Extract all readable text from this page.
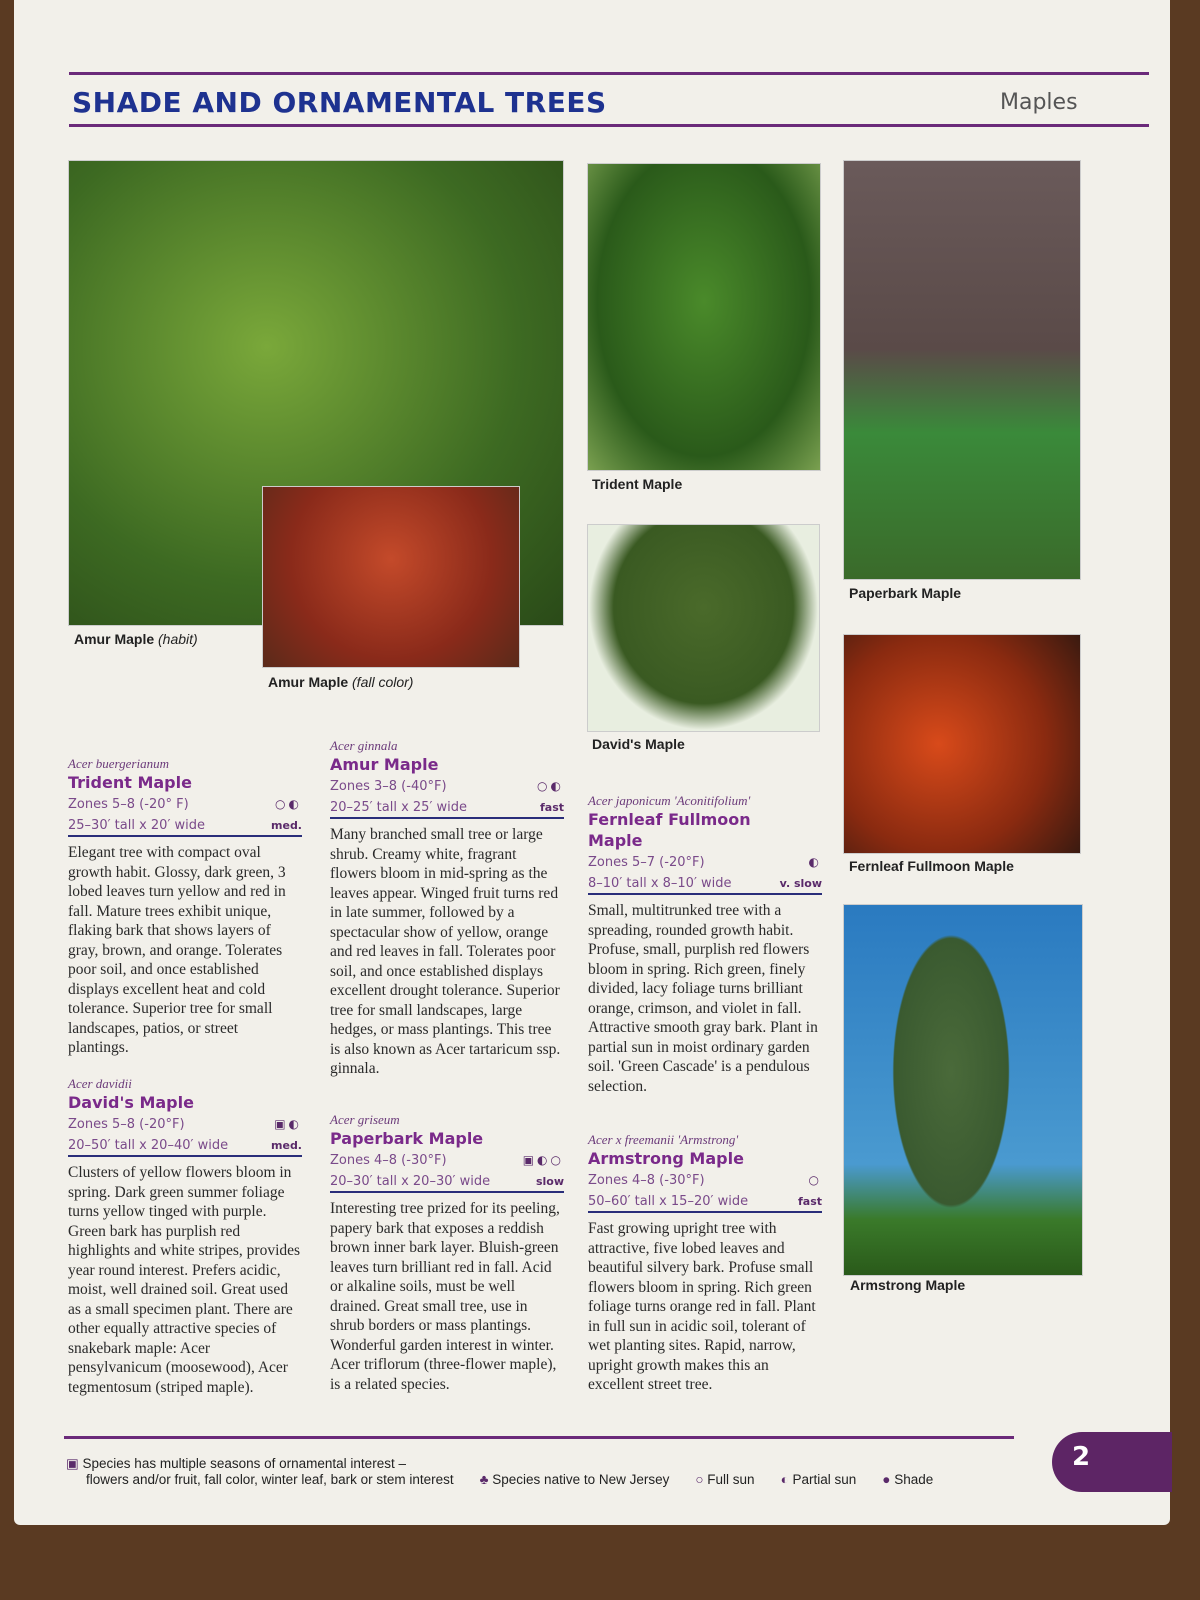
SHADE AND ORNAMENTAL TREES	Maples
Amur Maple (habit)
Amur Maple (fall color)
Trident Maple
David's Maple
Paperbark Maple
Fernleaf Fullmoon Maple
Armstrong Maple
Acer buergerianum
Trident Maple
Zones 5–8 (-20° F)	○◐
25–30′ tall x 20′ wide	med.
Elegant tree with compact oval growth habit. Glossy, dark green, 3 lobed leaves turn yellow and red in fall. Mature trees exhibit unique, flaking bark that shows layers of gray, brown, and orange. Tolerates poor soil, and once established displays excellent heat and cold tolerance. Superior tree for small landscapes, patios, or street plantings.
Acer davidii
David's Maple
Zones 5–8 (-20°F)	▣◐
20–50′ tall x 20–40′ wide	med.
Clusters of yellow flowers bloom in spring. Dark green summer foliage turns yellow tinged with purple. Green bark has purplish red highlights and white stripes, provides year round interest. Prefers acidic, moist, well drained soil. Great used as a small specimen plant. There are other equally attractive species of snakebark maple: Acer pensylvanicum (moosewood), Acer tegmentosum (striped maple).
Acer ginnala
Amur Maple
Zones 3–8 (-40°F)	○◐
20–25′ tall x 25′ wide	fast
Many branched small tree or large shrub. Creamy white, fragrant flowers bloom in mid-spring as the leaves appear. Winged fruit turns red in late summer, followed by a spectacular show of yellow, orange and red leaves in fall. Tolerates poor soil, and once established displays excellent drought tolerance. Superior tree for small landscapes, large hedges, or mass plantings. This tree is also known as Acer tartaricum ssp. ginnala.
Acer griseum
Paperbark Maple
Zones 4–8 (-30°F)	▣◐○
20–30′ tall x 20–30′ wide	slow
Interesting tree prized for its peeling, papery bark that exposes a reddish brown inner bark layer. Bluish-green leaves turn brilliant red in fall. Acid or alkaline soils, must be well drained. Great small tree, use in shrub borders or mass plantings. Wonderful garden interest in winter. Acer triflorum (three-flower maple), is a related species.
Acer japonicum 'Aconitifolium'
Fernleaf Fullmoon Maple
Zones 5–7 (-20°F)	◐
8–10′ tall x 8–10′ wide	v. slow
Small, multitrunked tree with a spreading, rounded growth habit. Profuse, small, purplish red flowers bloom in spring. Rich green, finely divided, lacy foliage turns brilliant orange, crimson, and violet in fall. Attractive smooth gray bark. Plant in partial sun in moist ordinary garden soil. 'Green Cascade' is a pendulous selection.
Acer x freemanii 'Armstrong'
Armstrong Maple
Zones 4–8 (-30°F)	○
50–60′ tall x 15–20′ wide	fast
Fast growing upright tree with attractive, five lobed leaves and beautiful silvery bark. Profuse small flowers bloom in spring. Rich green foliage turns orange red in fall. Plant in full sun in acidic soil, tolerant of wet planting sites. Rapid, narrow, upright growth makes this an excellent street tree.
▣ Species has multiple seasons of ornamental interest –
flowers and/or fruit, fall color, winter leaf, bark or stem interest ♣ Species native to New Jersey ○ Full sun ◐ Partial sun ● Shade
2
